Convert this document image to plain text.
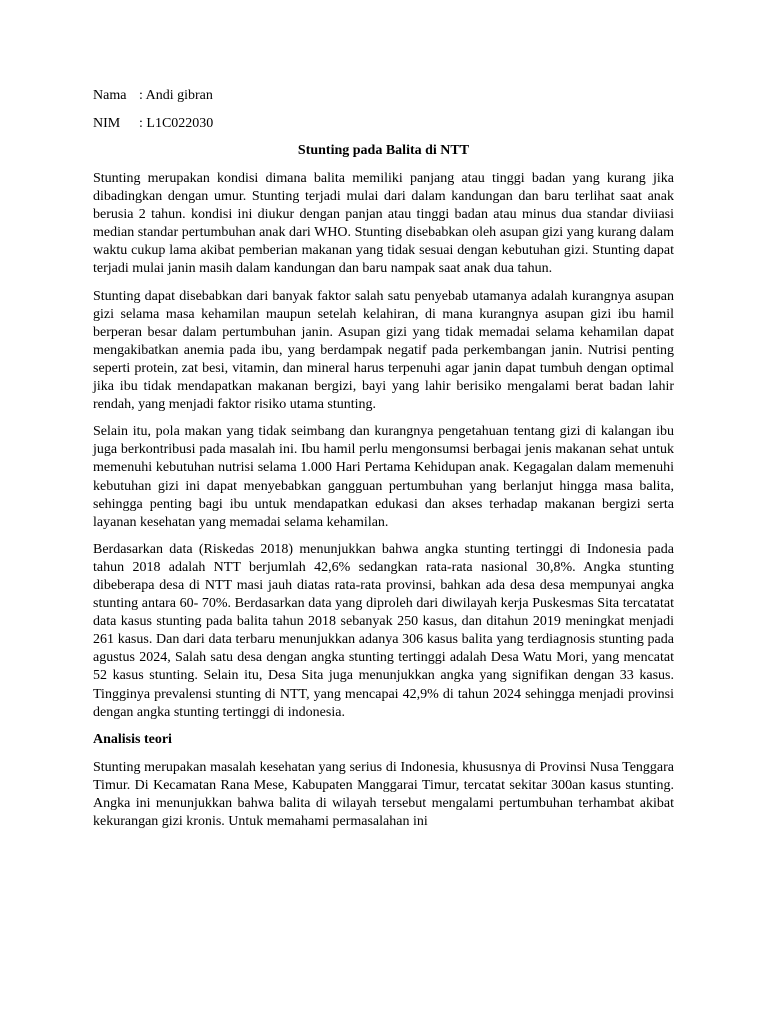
Nama : Andi gibran
NIM : L1C022030
Stunting pada Balita di NTT

Stunting merupakan kondisi dimana balita memiliki panjang atau tinggi badan yang kurang jika dibadingkan dengan umur. Stunting terjadi mulai dari dalam kandungan dan baru terlihat saat anak berusia 2 tahun. kondisi ini diukur dengan panjan atau tinggi badan atau minus dua standar diviiasi median standar pertumbuhan anak dari WHO. Stunting disebabkan oleh asupan gizi yang kurang dalam waktu cukup lama akibat pemberian makanan yang tidak sesuai dengan kebutuhan gizi. Stunting dapat terjadi mulai janin masih dalam kandungan dan baru nampak saat anak dua tahun.

Stunting dapat disebabkan dari banyak faktor salah satu penyebab utamanya adalah kurangnya asupan gizi selama masa kehamilan maupun setelah kelahiran, di mana kurangnya asupan gizi ibu hamil berperan besar dalam pertumbuhan janin. Asupan gizi yang tidak memadai selama kehamilan dapat mengakibatkan anemia pada ibu, yang berdampak negatif pada perkembangan janin. Nutrisi penting seperti protein, zat besi, vitamin, dan mineral harus terpenuhi agar janin dapat tumbuh dengan optimal jika ibu tidak mendapatkan makanan bergizi, bayi yang lahir berisiko mengalami berat badan lahir rendah, yang menjadi faktor risiko utama stunting.

Selain itu, pola makan yang tidak seimbang dan kurangnya pengetahuan tentang gizi di kalangan ibu juga berkontribusi pada masalah ini. Ibu hamil perlu mengonsumsi berbagai jenis makanan sehat untuk memenuhi kebutuhan nutrisi selama 1.000 Hari Pertama Kehidupan anak. Kegagalan dalam memenuhi kebutuhan gizi ini dapat menyebabkan gangguan pertumbuhan yang berlanjut hingga masa balita, sehingga penting bagi ibu untuk mendapatkan edukasi dan akses terhadap makanan bergizi serta layanan kesehatan yang memadai selama kehamilan.

Berdasarkan data (Riskedas 2018) menunjukkan bahwa angka stunting tertinggi di Indonesia pada tahun 2018 adalah NTT berjumlah 42,6% sedangkan rata-rata nasional 30,8%. Angka stunting dibeberapa desa di NTT masi jauh diatas rata-rata provinsi, bahkan ada desa desa mempunyai angka stunting antara 60- 70%. Berdasarkan data yang diproleh dari diwilayah kerja Puskesmas Sita tercatatat data kasus stunting pada balita tahun 2018 sebanyak 250 kasus, dan ditahun 2019 meningkat menjadi 261 kasus. Dan dari data terbaru menunjukkan adanya 306 kasus balita yang terdiagnosis stunting pada agustus 2024, Salah satu desa dengan angka stunting tertinggi adalah Desa Watu Mori, yang mencatat 52 kasus stunting. Selain itu, Desa Sita juga menunjukkan angka yang signifikan dengan 33 kasus. Tingginya prevalensi stunting di NTT, yang mencapai 42,9% di tahun 2024 sehingga menjadi provinsi dengan angka stunting tertinggi di indonesia.

Analisis teori

Stunting merupakan masalah kesehatan yang serius di Indonesia, khususnya di Provinsi Nusa Tenggara Timur. Di Kecamatan Rana Mese, Kabupaten Manggarai Timur, tercatat sekitar 300an kasus stunting. Angka ini menunjukkan bahwa balita di wilayah tersebut mengalami pertumbuhan terhambat akibat kekurangan gizi kronis. Untuk memahami permasalahan ini
